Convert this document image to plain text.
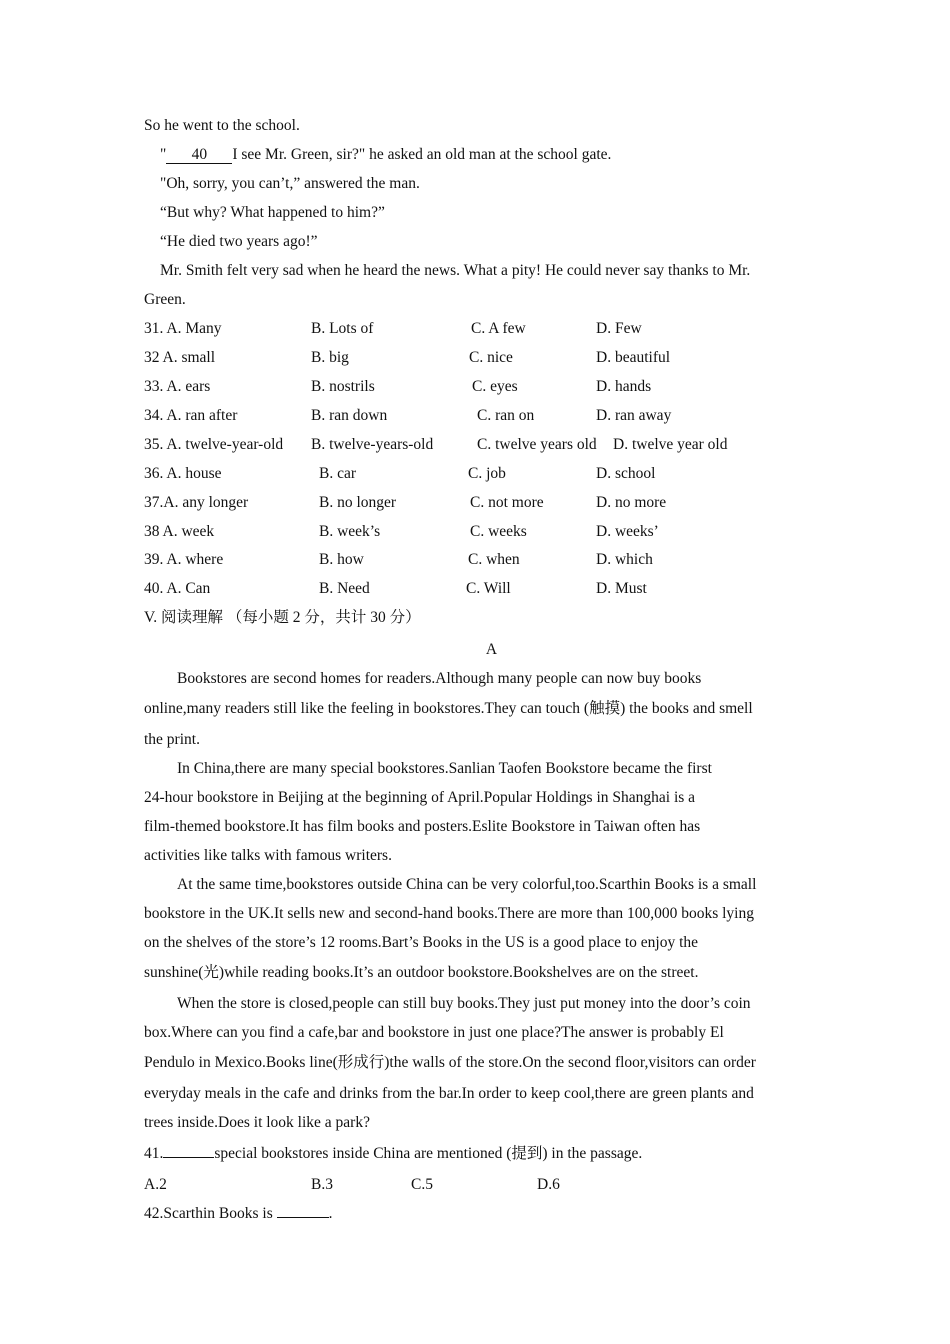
So he went to the school.
" 40 I see Mr. Green, sir?" he asked an old man at the school gate.
"Oh, sorry, you can’t,” answered the man.
“But why? What happened to him?”
“He died two years ago!”
Mr. Smith felt very sad when he heard the news. What a pity! He could never say thanks to Mr.
Green.
31. A. Many	B. Lots of	C. A few	D. Few
32 A. small	B. big	C. nice	D. beautiful
33. A. ears	B. nostrils	C. eyes	D. hands
34. A. ran after	B. ran down	C. ran on	D. ran away
35. A. twelve-year-old B. twelve-years-old	C. twelve years old D. twelve year old
36. A. house	B. car	C. job	D. school
37.A. any longer	B. no longer	C. not more	D. no more
38 A. week	B. week’s	C. weeks	D. weeks’
39. A. where	B. how	C. when	D. which
40. A. Can	B. Need	C. Will	D. Must
V. 阅读理解 （每小题 2 分，共计 30 分）
A
Bookstores are second homes for readers.Although many people can now buy books
online,many readers still like the feeling in bookstores.They can touch (触摸) the books and smell
the print.
In China,there are many special bookstores.Sanlian Taofen Bookstore became the first
24-hour bookstore in Beijing at the beginning of April.Popular Holdings in Shanghai is a
film-themed bookstore.It has film books and posters.Eslite Bookstore in Taiwan often has
activities like talks with famous writers.
At the same time,bookstores outside China can be very colorful,too.Scarthin Books is a small
bookstore in the UK.It sells new and second-hand books.There are more than 100,000 books lying
on the shelves of the store’s 12 rooms.Bart’s Books in the US is a good place to enjoy the
sunshine(光)while reading books.It’s an outdoor bookstore.Bookshelves are on the street.
When the store is closed,people can still buy books.They just put money into the door’s coin
box.Where can you find a cafe,bar and bookstore in just one place?The answer is probably El
Pendulo in Mexico.Books line(形成行)the walls of the store.On the second floor,visitors can order
everyday meals in the cafe and drinks from the bar.In order to keep cool,there are green plants and
trees inside.Does it look like a park?
41.	special bookstores inside China are mentioned (提到) in the passage.
A.2	B.3	C.5	D.6
42.Scarthin Books is	.
